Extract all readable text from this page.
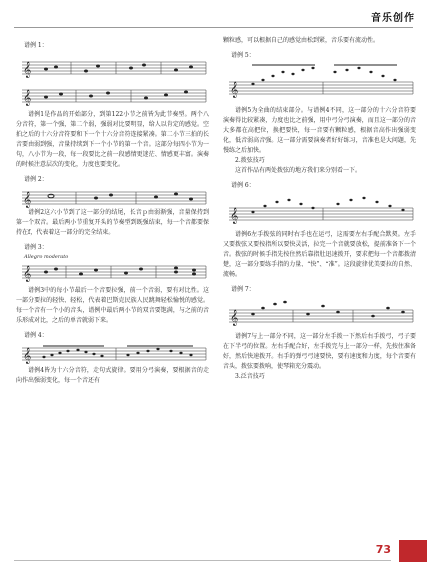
音乐创作
谱例 1：
𝄞
𝄞

谱例1是作品的开始部分，到第122小节之前皆为此节奏型。两个八分音符，第一个强，第二个弱，强弱对比要明显，给人以肯定的感觉。空拍之后的十六分音符要和下一个十六分音符连接紧凑。第二小节三拍的长音要由弱到强，音量持续到下一个小节的第一个音。这部分每四小节为一句，八小节为一段，每一段要比之前一段感情更迷茫、情感更丰富。演奏的时候注意层次的变化，力度也要变化。

谱例 2：
𝄞

谱例2这六小节到了这一部分的结尾，长音ｐ由弱渐强，音量保持到第一个双音。最后两小节重复开头的节奏型到既强结束，每一个音都要保持在f，代表着这一部分的完全结束。

谱例 3：
Allegro moderato
𝄞

谱例3中的每小节最后一个音要拉强，前一个音弱，要有对比性。这一部分要拉的轻快、轻松，代表着巴斯克民族人民跳舞轻松愉悦的感觉。每一个音有一个小的音头，谱例中最后两小节的双音要饱满，与之前的音乐形成对比，之后的单音就弱下来。

谱例 4：
𝄞

谱例4皆为十六分音符，走句式旋律。要用分弓演奏，要根据音的走向作出强弱变化，每一个音还有

颗粒感，可以根据自己的感觉由松到紧，音乐要有流动性。

谱例 5：
𝄞

谱例5为全曲的结束部分。与谱例4不同，这一部分的十六分音符要演奏得比较紧凑，力度也比之前强，用中弓分弓演奏，而且这一部分的音大多都在高把位，换把要快，每一音要有颗粒感，根据音高作出强弱变化，低音弱高音强。这一部分需要演奏者好好练习，音准也是大问题，先慢练之后加快。

2.拨弦技巧

这首作品有两处拨弦的地方我们来分别看一下。

谱例 6：
𝄞

谱例6左手拨弦的同时右手也在运弓，这需要左右手配合默契。左手又要拨弦又要按指所以要快灵活，拉完一个音就要放松，提前准备下一个音。拨弦的时候手指先按住然后靠指肚迅速拨开，要求把每一个音都拨清楚，这一部分要练手指的力量、“快”、“准”。这段旋律优美要拉的自然、流畅。

谱例 7：
𝄞

谱例7与上一部分不同，这一部分左手拨一下然后右手拨弓，弓子要在下半弓的位置。左右手配合好，左手拨完与上一部分一样，先按住准备好，然后快速拨开。右手的弹弓弓速要快，要有速度和力度，每个音要有音头，拨弦要拨响，使琴箱充分震动。

3.泛音技巧

73
